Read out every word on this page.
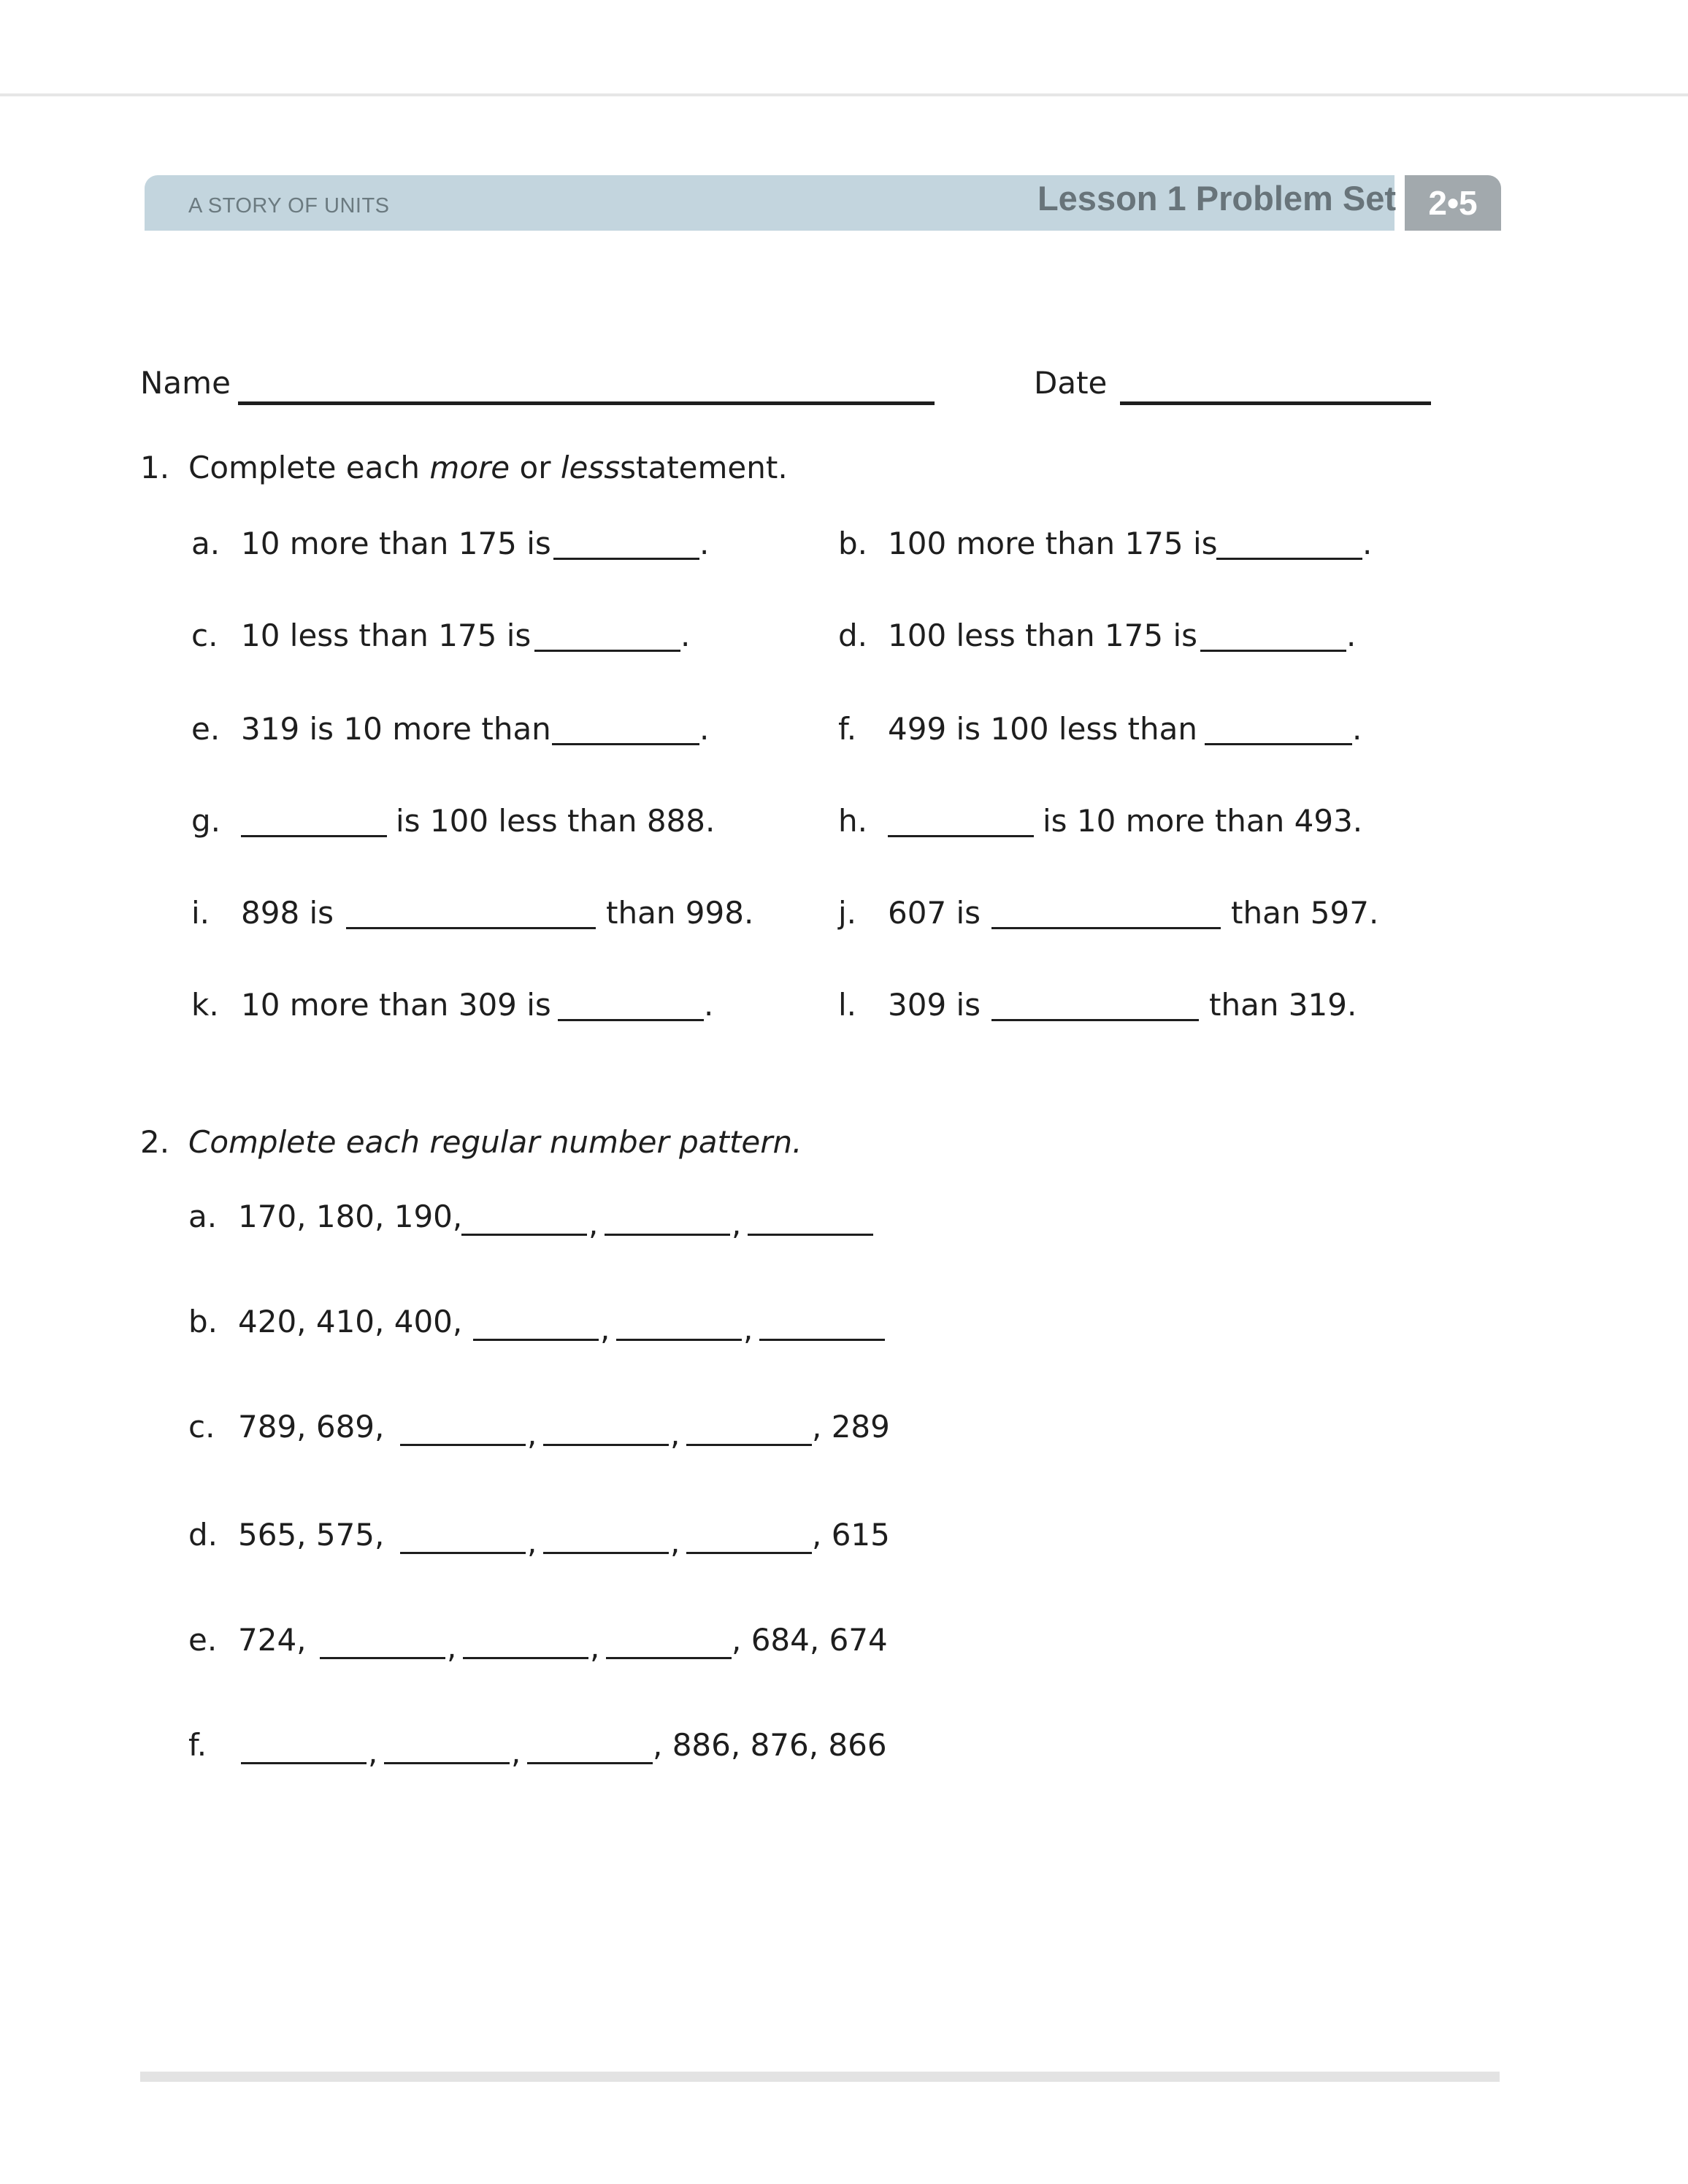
A STORY OF UNITS	Lesson 1 Problem Set 2•5
Name	Date
1. Complete each more or lessstatement.
a. 10 more than 175 is	.	b. 100 more than 175 is	.
c. 10 less than 175 is	.	d. 100 less than 175 is	.
e. 319 is 10 more than	.	f. 499 is 100 less than	.
g.	is 100 less than 888.	h.	is 10 more than 493.
i. 898 is	than 998.	j. 607 is	than 597.
k. 10 more than 309 is	.	l. 309 is	than 319.
2. Complete each regular number pattern.
a. 170, 180, 190,	,	,
b. 420, 410, 400,	,	,
c. 789, 689,	,	,	, 289
d. 565, 575,	,	,	, 615
e. 724,	,	,	, 684, 674
f.	,	,	, 886, 876, 866
